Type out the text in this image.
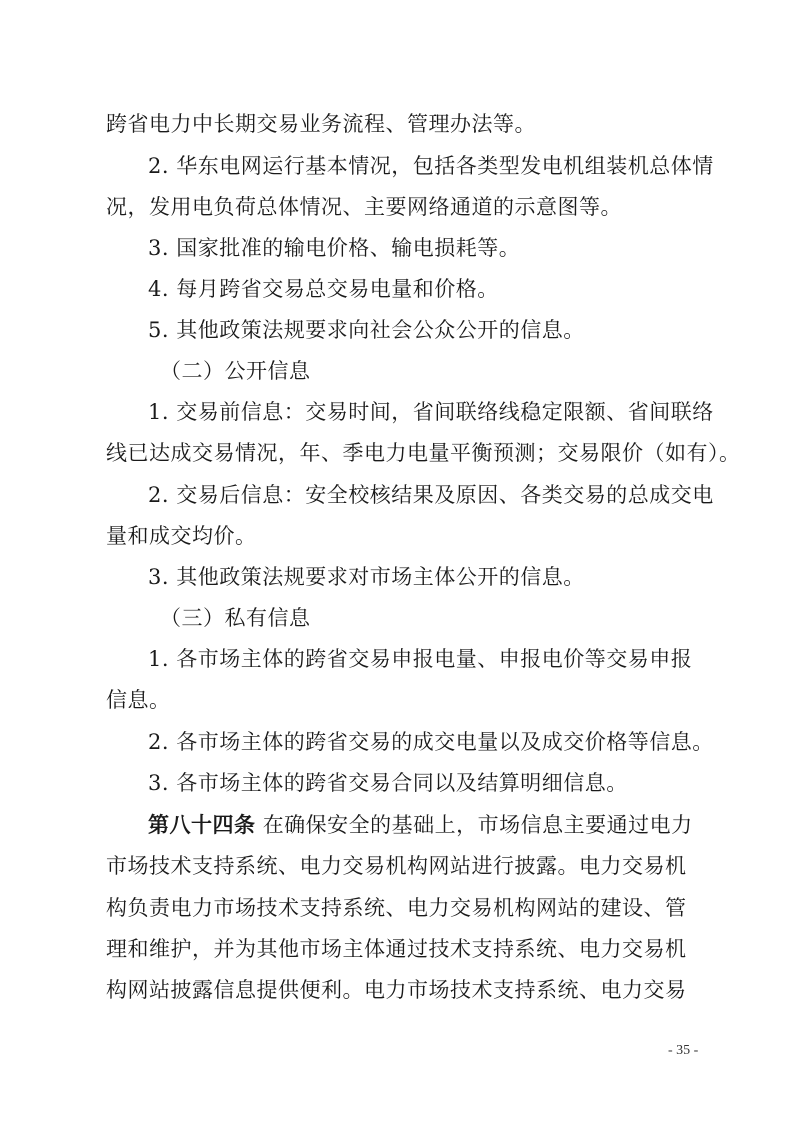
跨省电力中长期交易业务流程、管理办法等。
2. 华东电网运行基本情况，包括各类型发电机组装机总体情
况，发用电负荷总体情况、主要网络通道的示意图等。
3. 国家批准的输电价格、输电损耗等。
4. 每月跨省交易总交易电量和价格。
5. 其他政策法规要求向社会公众公开的信息。
（二）公开信息
1. 交易前信息：交易时间，省间联络线稳定限额、省间联络
线已达成交易情况，年、季电力电量平衡预测；交易限价（如有）。
2. 交易后信息：安全校核结果及原因、各类交易的总成交电
量和成交均价。
3. 其他政策法规要求对市场主体公开的信息。
（三）私有信息
1. 各市场主体的跨省交易申报电量、申报电价等交易申报
信息。
2. 各市场主体的跨省交易的成交电量以及成交价格等信息。
3. 各市场主体的跨省交易合同以及结算明细信息。
第八十四条 在确保安全的基础上，市场信息主要通过电力
市场技术支持系统、电力交易机构网站进行披露。电力交易机
构负责电力市场技术支持系统、电力交易机构网站的建设、管
理和维护，并为其他市场主体通过技术支持系统、电力交易机
构网站披露信息提供便利。电力市场技术支持系统、电力交易
- 35 -
